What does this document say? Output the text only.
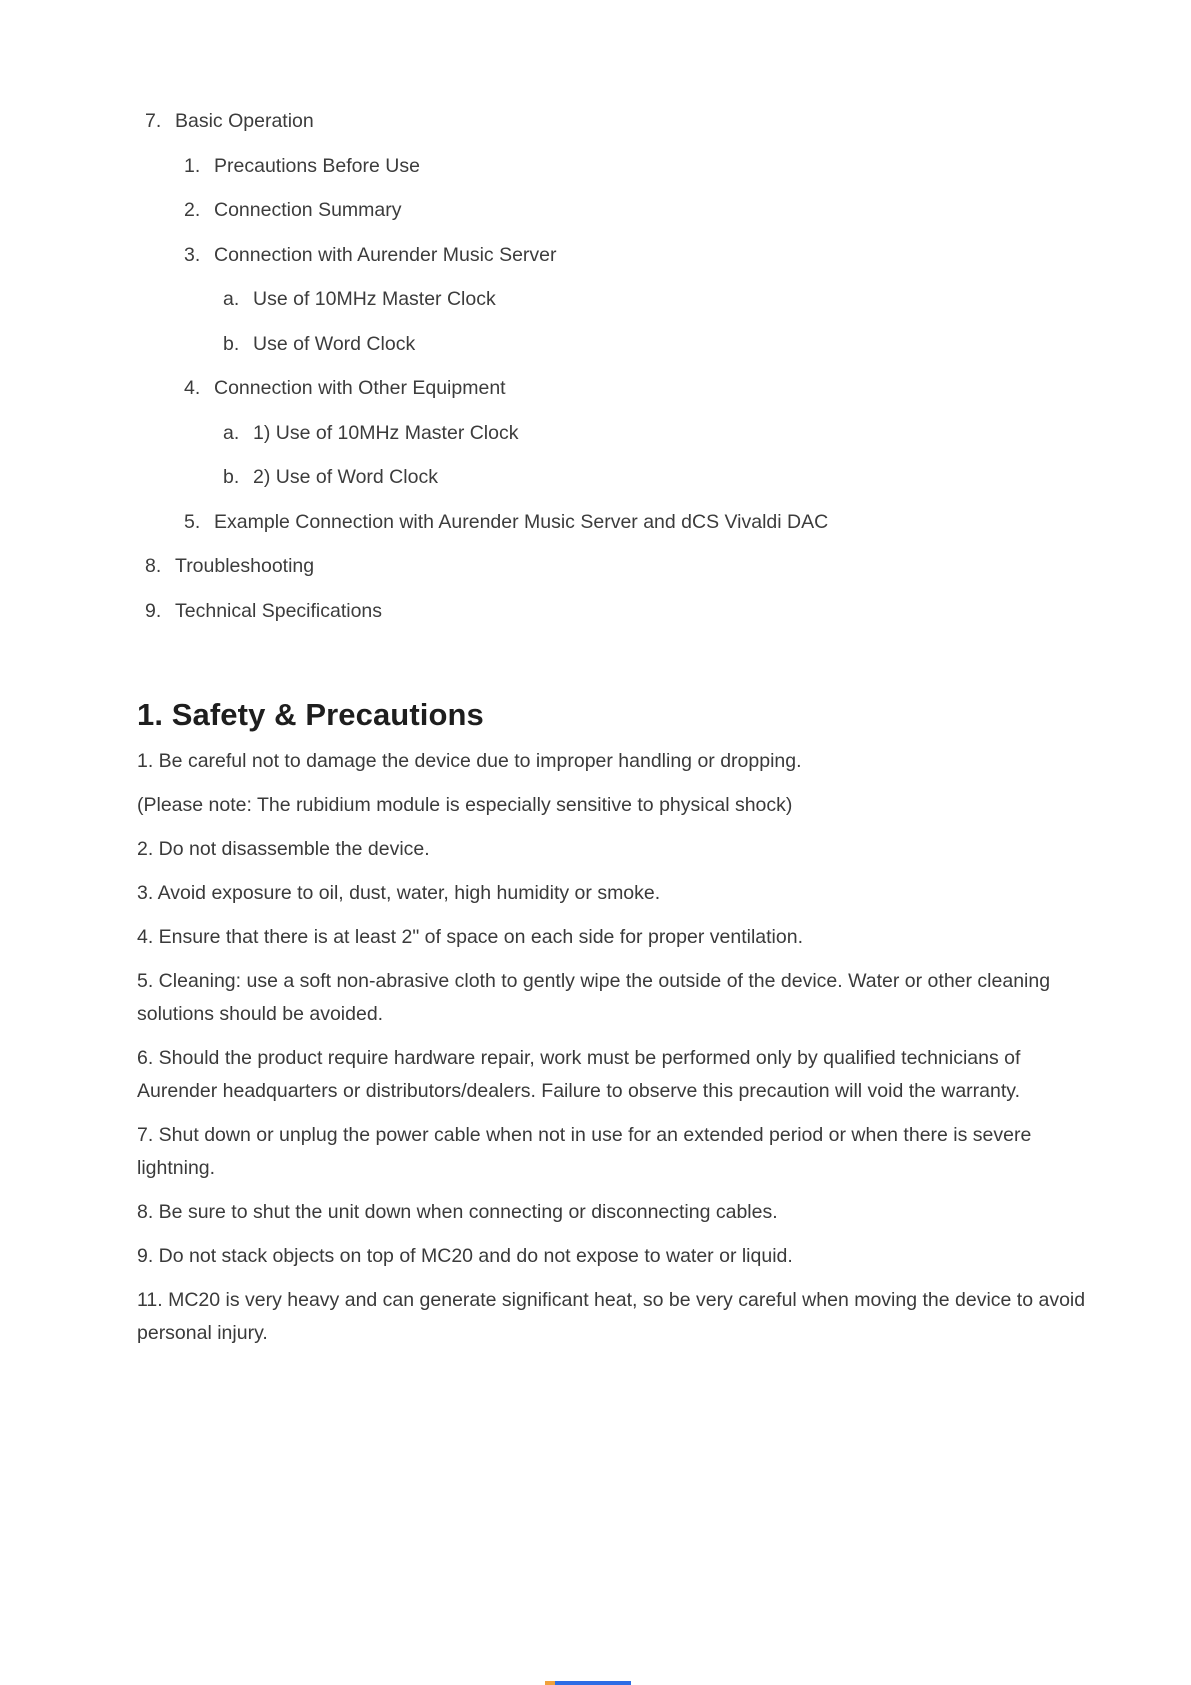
7. Basic Operation
1. Precautions Before Use
2. Connection Summary
3. Connection with Aurender Music Server
a. Use of 10MHz Master Clock
b. Use of Word Clock
4. Connection with Other Equipment
a. 1) Use of 10MHz Master Clock
b. 2) Use of Word Clock
5. Example Connection with Aurender Music Server and dCS Vivaldi DAC
8. Troubleshooting
9. Technical Specifications
1. Safety & Precautions

1. Be careful not to damage the device due to improper handling or dropping.

(Please note: The rubidium module is especially sensitive to physical shock)

2. Do not disassemble the device.

3. Avoid exposure to oil, dust, water, high humidity or smoke.

4. Ensure that there is at least 2" of space on each side for proper ventilation.

5. Cleaning: use a soft non-abrasive cloth to gently wipe the outside of the device. Water or other cleaning solutions should be avoided.

6. Should the product require hardware repair, work must be performed only by qualified technicians of Aurender headquarters or distributors/dealers. Failure to observe this precaution will void the warranty.

7. Shut down or unplug the power cable when not in use for an extended period or when there is severe lightning.

8. Be sure to shut the unit down when connecting or disconnecting cables.

9. Do not stack objects on top of MC20 and do not expose to water or liquid.

11. MC20 is very heavy and can generate significant heat, so be very careful when moving the device to avoid personal injury.
